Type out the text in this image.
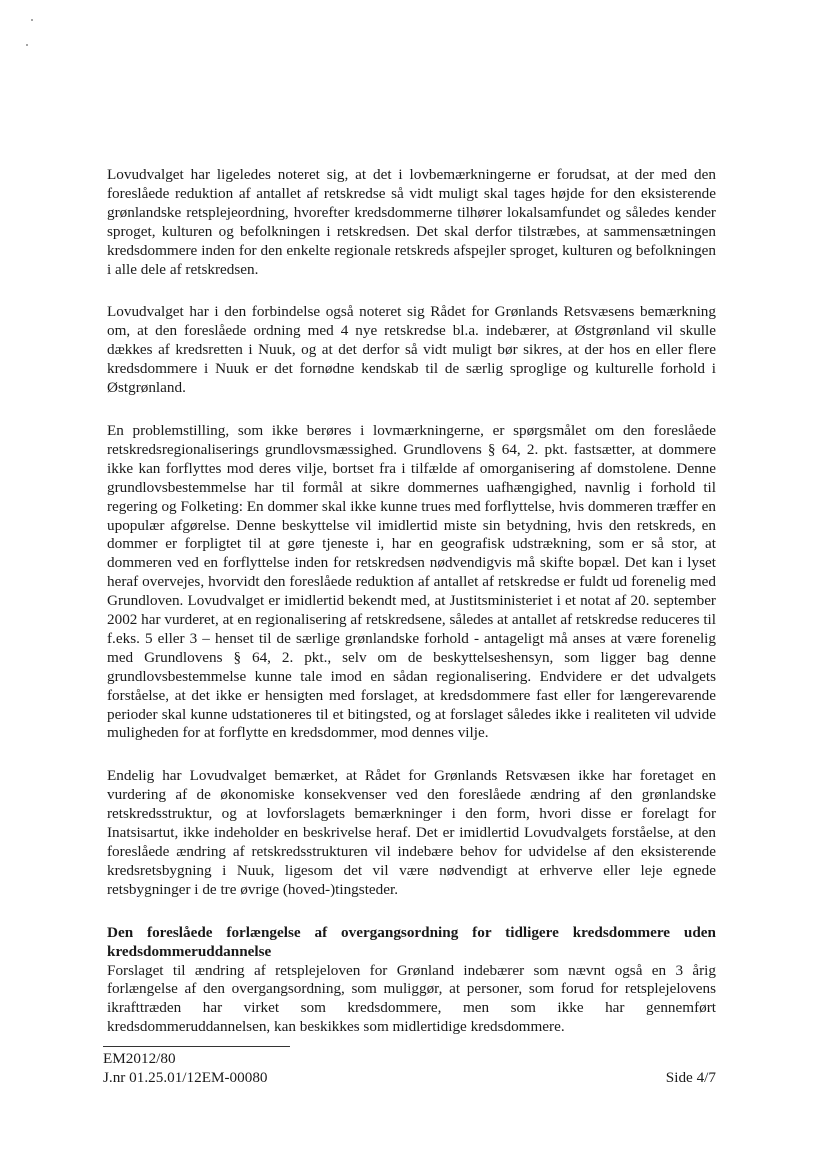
Lovudvalget har ligeledes noteret sig, at det i lovbemærkningerne er forudsat, at der med den foreslåede reduktion af antallet af retskredse så vidt muligt skal tages højde for den eksisterende grønlandske retsplejeordning, hvorefter kredsdommerne tilhører lokalsamfundet og således kender sproget, kulturen og befolkningen i retskredsen. Det skal derfor tilstræbes, at sammensætningen kredsdommere inden for den enkelte regionale retskreds afspejler sproget, kulturen og befolkningen i alle dele af retskredsen.

Lovudvalget har i den forbindelse også noteret sig Rådet for Grønlands Retsvæsens bemærkning om, at den foreslåede ordning med 4 nye retskredse bl.a. indebærer, at Østgrønland vil skulle dækkes af kredsretten i Nuuk, og at det derfor så vidt muligt bør sikres, at der hos en eller flere kredsdommere i Nuuk er det fornødne kendskab til de særlig sproglige og kulturelle forhold i Østgrønland.

En problemstilling, som ikke berøres i lovmærkningerne, er spørgsmålet om den foreslåede retskredsregionaliserings grundlovsmæssighed. Grundlovens § 64, 2. pkt. fastsætter, at dommere ikke kan forflyttes mod deres vilje, bortset fra i tilfælde af omorganisering af domstolene. Denne grundlovsbestemmelse har til formål at sikre dommernes uafhængighed, navnlig i forhold til regering og Folketing: En dommer skal ikke kunne trues med forflyttelse, hvis dommeren træffer en upopulær afgørelse. Denne beskyttelse vil imidlertid miste sin betydning, hvis den retskreds, en dommer er forpligtet til at gøre tjeneste i, har en geografisk udstrækning, som er så stor, at dommeren ved en forflyttelse inden for retskredsen nødvendigvis må skifte bopæl. Det kan i lyset heraf overvejes, hvorvidt den foreslåede reduktion af antallet af retskredse er fuldt ud forenelig med Grundloven. Lovudvalget er imidlertid bekendt med, at Justitsministeriet i et notat af 20. september 2002 har vurderet, at en regionalisering af retskredsene, således at antallet af retskredse reduceres til f.eks. 5 eller 3 – henset til de særlige grønlandske forhold - antageligt må anses at være forenelig med Grundlovens § 64, 2. pkt., selv om de beskyttelseshensyn, som ligger bag denne grundlovsbestemmelse kunne tale imod en sådan regionalisering. Endvidere er det udvalgets forståelse, at det ikke er hensigten med forslaget, at kredsdommere fast eller for længerevarende perioder skal kunne udstationeres til et bitingsted, og at forslaget således ikke i realiteten vil udvide muligheden for at forflytte en kredsdommer, mod dennes vilje.

Endelig har Lovudvalget bemærket, at Rådet for Grønlands Retsvæsen ikke har foretaget en vurdering af de økonomiske konsekvenser ved den foreslåede ændring af den grønlandske retskredsstruktur, og at lovforslagets bemærkninger i den form, hvori disse er forelagt for Inatsisartut, ikke indeholder en beskrivelse heraf. Det er imidlertid Lovudvalgets forståelse, at den foreslåede ændring af retskredsstrukturen vil indebære behov for udvidelse af den eksisterende kredsretsbygning i Nuuk, ligesom det vil være nødvendigt at erhverve eller leje egnede retsbygninger i de tre øvrige (hoved-)tingsteder.

Den foreslåede forlængelse af overgangsordning for tidligere kredsdommere uden kredsdommeruddannelse

Forslaget til ændring af retsplejeloven for Grønland indebærer som nævnt også en 3 årig forlængelse af den overgangsordning, som muliggør, at personer, som forud for retsplejelovens ikrafttræden har virket som kredsdommere, men som ikke har gennemført kredsdommeruddannelsen, kan beskikkes som midlertidige kredsdommere.

EM2012/80
J.nr 01.25.01/12EM-00080	Side 4/7
